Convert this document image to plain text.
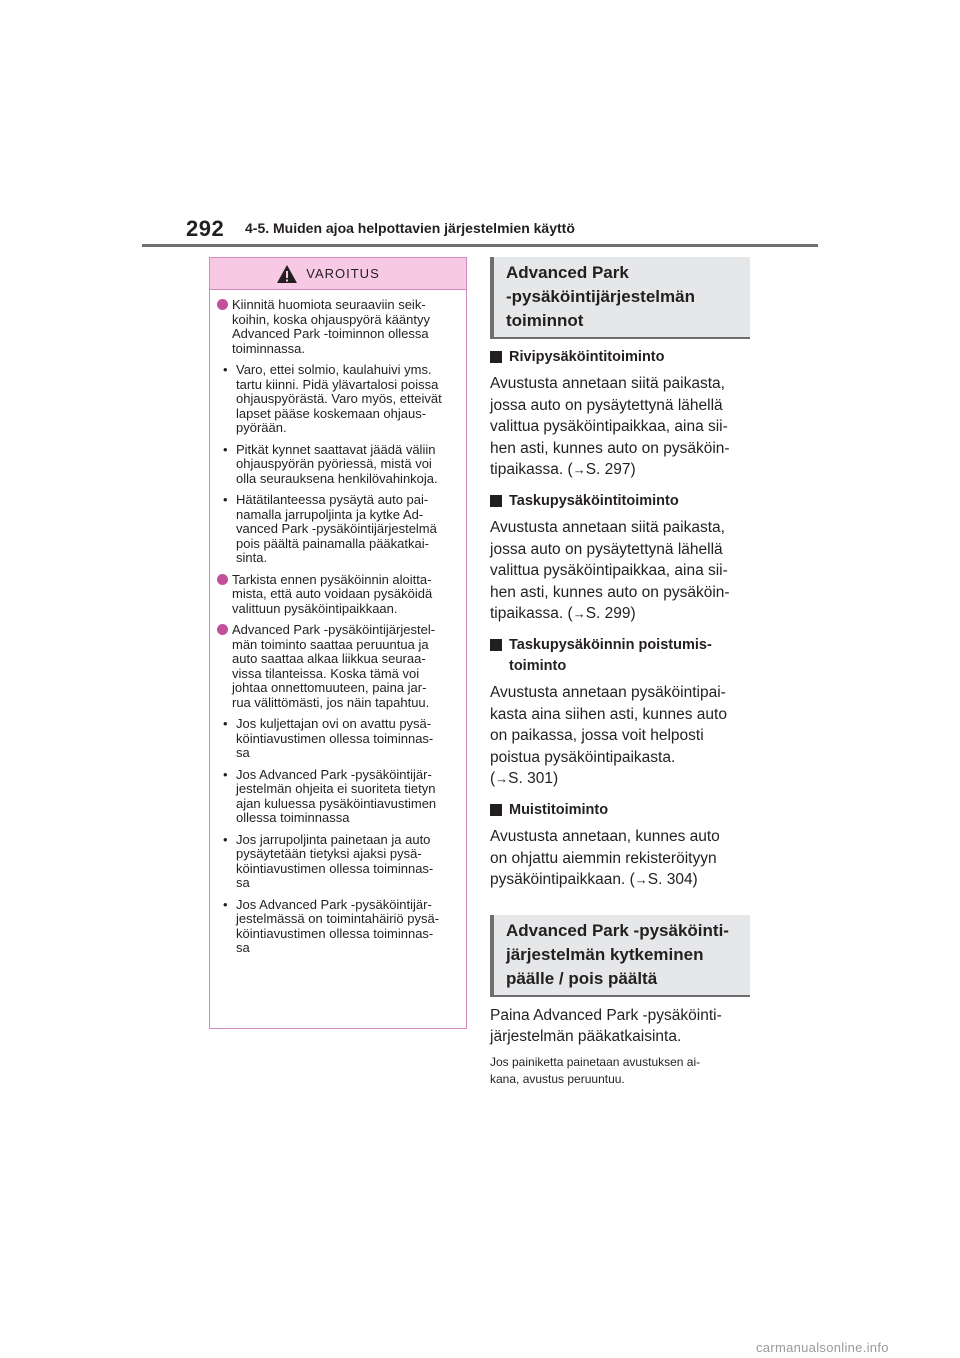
292 4-5. Muiden ajoa helpottavien järjestelmien käyttö
VAROITUS
Kiinnitä huomiota seuraaviin seik-
koihin, koska ohjauspyörä kääntyy
Advanced Park -toiminnon ollessa
toiminnassa.
• Varo, ettei solmio, kaulahuivi yms.
tartu kiinni. Pidä ylävartalosi poissa
ohjauspyörästä. Varo myös, etteivät
lapset pääse koskemaan ohjaus-
pyörään.
• Pitkät kynnet saattavat jäädä väliin
ohjauspyörän pyöriessä, mistä voi
olla seurauksena henkilövahinkoja.
• Hätätilanteessa pysäytä auto pai-
namalla jarrupoljinta ja kytke Ad-
vanced Park -pysäköintijärjestelmä
pois päältä painamalla pääkatkai-
sinta.
Tarkista ennen pysäköinnin aloitta-
mista, että auto voidaan pysäköidä
valittuun pysäköintipaikkaan.
Advanced Park -pysäköintijärjestel-
män toiminto saattaa peruuntua ja
auto saattaa alkaa liikkua seuraa-
vissa tilanteissa. Koska tämä voi
johtaa onnettomuuteen, paina jar-
rua välittömästi, jos näin tapahtuu.
• Jos kuljettajan ovi on avattu pysä-
köintiavustimen ollessa toiminnas-
sa
• Jos Advanced Park -pysäköintijär-
jestelmän ohjeita ei suoriteta tietyn
ajan kuluessa pysäköintiavustimen
ollessa toiminnassa
• Jos jarrupoljinta painetaan ja auto
pysäytetään tietyksi ajaksi pysä-
köintiavustimen ollessa toiminnas-
sa
• Jos Advanced Park -pysäköintijär-
jestelmässä on toimintahäiriö pysä-
köintiavustimen ollessa toiminnas-
sa
Advanced Park
-pysäköintijärjestelmän
toiminnot
Rivipysäköintitoiminto
Avustusta annetaan siitä paikasta,
jossa auto on pysäytettynä lähellä
valittua pysäköintipaikkaa, aina sii-
hen asti, kunnes auto on pysäköin-
tipaikassa. (→S. 297)
Taskupysäköintitoiminto
Avustusta annetaan siitä paikasta,
jossa auto on pysäytettynä lähellä
valittua pysäköintipaikkaa, aina sii-
hen asti, kunnes auto on pysäköin-
tipaikassa. (→S. 299)
Taskupysäköinnin poistumis-
toiminto
Avustusta annetaan pysäköintipai-
kasta aina siihen asti, kunnes auto
on paikassa, jossa voit helposti
poistua pysäköintipaikasta.
(→S. 301)
Muistitoiminto
Avustusta annetaan, kunnes auto
on ohjattu aiemmin rekisteröityyn
pysäköintipaikkaan. (→S. 304)
Advanced Park -pysäköinti-
järjestelmän kytkeminen
päälle / pois päältä
Paina Advanced Park -pysäköinti-
järjestelmän pääkatkaisinta.
Jos painiketta painetaan avustuksen ai-
kana, avustus peruuntuu.
carmanualsonline.info
